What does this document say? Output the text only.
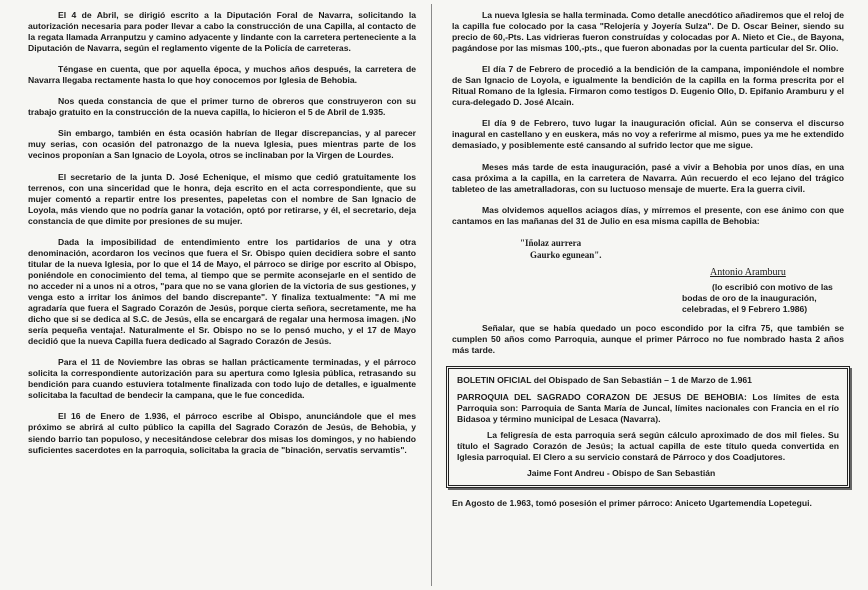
El 4 de Abril, se dirigió escrito a la Diputación Foral de Navarra, solicitando la autorización necesaria para poder llevar a cabo la construcción de una Capilla, al contacto de la regata llamada Arranputzu y camino adyacente y lindante con la carretera perteneciente a la Diputación de Navarra, según el reglamento vigente de la Policía de carreteras.

Téngase en cuenta, que por aquella época, y muchos años después, la carretera de Navarra llegaba rectamente hasta lo que hoy conocemos por Iglesia de Behobia.

Nos queda constancia de que el primer turno de obreros que construyeron con su trabajo gratuito en la construcción de la nueva capilla, lo hicieron el 5 de Abril de 1.935.

Sin embargo, también en ésta ocasión habrían de llegar discrepancias, y al parecer muy serias, con ocasión del patronazgo de la nueva Iglesia, pues mientras parte de los vecinos proponían a San Ignacio de Loyola, otros se inclinaban por la Virgen de Lourdes.

El secretario de la junta D. José Echenique, el mismo que cedió gratuitamente los terrenos, con una sinceridad que le honra, deja escrito en el acta correspondiente, que su mujer comentó a repartir entre los presentes, papeletas con el nombre de San Ignacio de Loyola, más viendo que no podría ganar la votación, optó por retirarse, y él, el secretario, deja constancia de que dimite por presiones de su mujer.

Dada la imposibilidad de entendimiento entre los partidarios de una y otra denominación, acordaron los vecinos que fuera el Sr. Obispo quien decidiera sobre el santo titular de la nueva Iglesia, por lo que el 14 de Mayo, el párroco se dirige por escrito al Obispo, poniéndole en conocimiento del tema, al tiempo que se permite aconsejarle en el sentido de no acceder ni a unos ni a otros, "para que no se vana glorien de la victoria de sus gestiones, y venga esto a irritar los ánimos del bando discrepante". Y finaliza textualmente: "A mi me agradaría que fuera el Sagrado Corazón de Jesús, porque cierta señora, secretamente, me ha dicho que si se dedica al S.C. de Jesús, ella se encargará de regalar una hermosa imagen. ¡No sería pequeña ventaja!. Naturalmente el Sr. Obispo no se lo pensó mucho, y el 17 de Mayo decidió que la nueva Capilla fuera dedicado al Sagrado Corazón de Jesús.

Para el 11 de Noviembre las obras se hallan prácticamente terminadas, y el párroco solicita la correspondiente autorización para su apertura como Iglesia pública, retrasando su bendición para cuando estuviera totalmente finalizada con todo lujo de detalles, e igualmente solicitaba la facultad de bendecir la campana, que le fue concedida.

El 16 de Enero de 1.936, el párroco escribe al Obispo, anunciándole que el mes próximo se abrirá al culto público la capilla del Sagrado Corazón de Jesús, de Behobia, y siendo barrio tan populoso, y necesitándose celebrar dos misas los domingos, y no habiendo suficientes sacerdotes en la parroquia, solicitaba la gracia de "binación, servatis servamtis".

La nueva Iglesia se halla terminada. Como detalle anecdótico añadiremos que el reloj de la capilla fue colocado por la casa "Relojería y Joyería Sulza". De D. Oscar Beiner, siendo su precio de 60,-Pts. Las vidrieras fueron construídas y colocadas por A. Nieto et Cie., de Bayona, pagándose por las mismas 100,-pts., que fueron abonadas por la cuenta particular del Sr. Olio.

El día 7 de Febrero de procedió a la bendición de la campana, imponiéndole el nombre de San Ignacio de Loyola, e igualmente la bendición de la capilla en la forma prescrita por el Ritual Romano de la Iglesia. Firmaron como testigos D. Eugenio Ollo, D. Epifanio Aramburu y el cura-delegado D. José Alcain.

El día 9 de Febrero, tuvo lugar la inauguración oficial. Aún se conserva el discurso inagural en castellano y en euskera, más no voy a referirme al mismo, pues ya me he extendido demasiado, y posiblemente esté cansando al sufrido lector que me sigue.

Meses más tarde de esta inauguración, pasé a vivir a Behobia por unos días, en una casa próxima a la capilla, en la carretera de Navarra. Aún recuerdo el eco lejano del trágico tableteo de las ametralladoras, con su luctuoso mensaje de muerte. Era la guerra civil.

Mas olvidemos aquellos aciagos días, y mírremos el presente, con ese ánimo con que cantamos en las mañanas del 31 de Julio en esa misma capilla de Behobia:

"Iñolaz aurrera
Gaurko egunean".
Antonio Aramburu

(lo escribió con motivo de las bodas de oro de la inauguración, celebradas, el 9 Febrero 1.986)

Señalar, que se había quedado un poco escondido por la cifra 75, que también se cumplen 50 años como Parroquia, aunque el primer Párroco no fue nombrado hasta 2 años más tarde.

BOLETIN OFICIAL del Obispado de San Sebastián – 1 de Marzo de 1.961

PARROQUIA DEL SAGRADO CORAZON DE JESUS DE BEHOBIA: Los límites de esta Parroquia son: Parroquia de Santa María de Juncal, límites nacionales con Francia en el río Bidasoa y término municipal de Lesaca (Navarra).

La feligresía de esta parroquia será según cálculo aproximado de dos mil fieles. Su título el Sagrado Corazón de Jesús; la actual capilla de este título queda convertida en Iglesia parroquial. El Clero a su servicio constará de Párroco y dos Coadjutores.

Jaime Font Andreu - Obispo de San Sebastián

En Agosto de 1.963, tomó posesión el primer párroco: Aniceto Ugartemendía Lopetegui.
